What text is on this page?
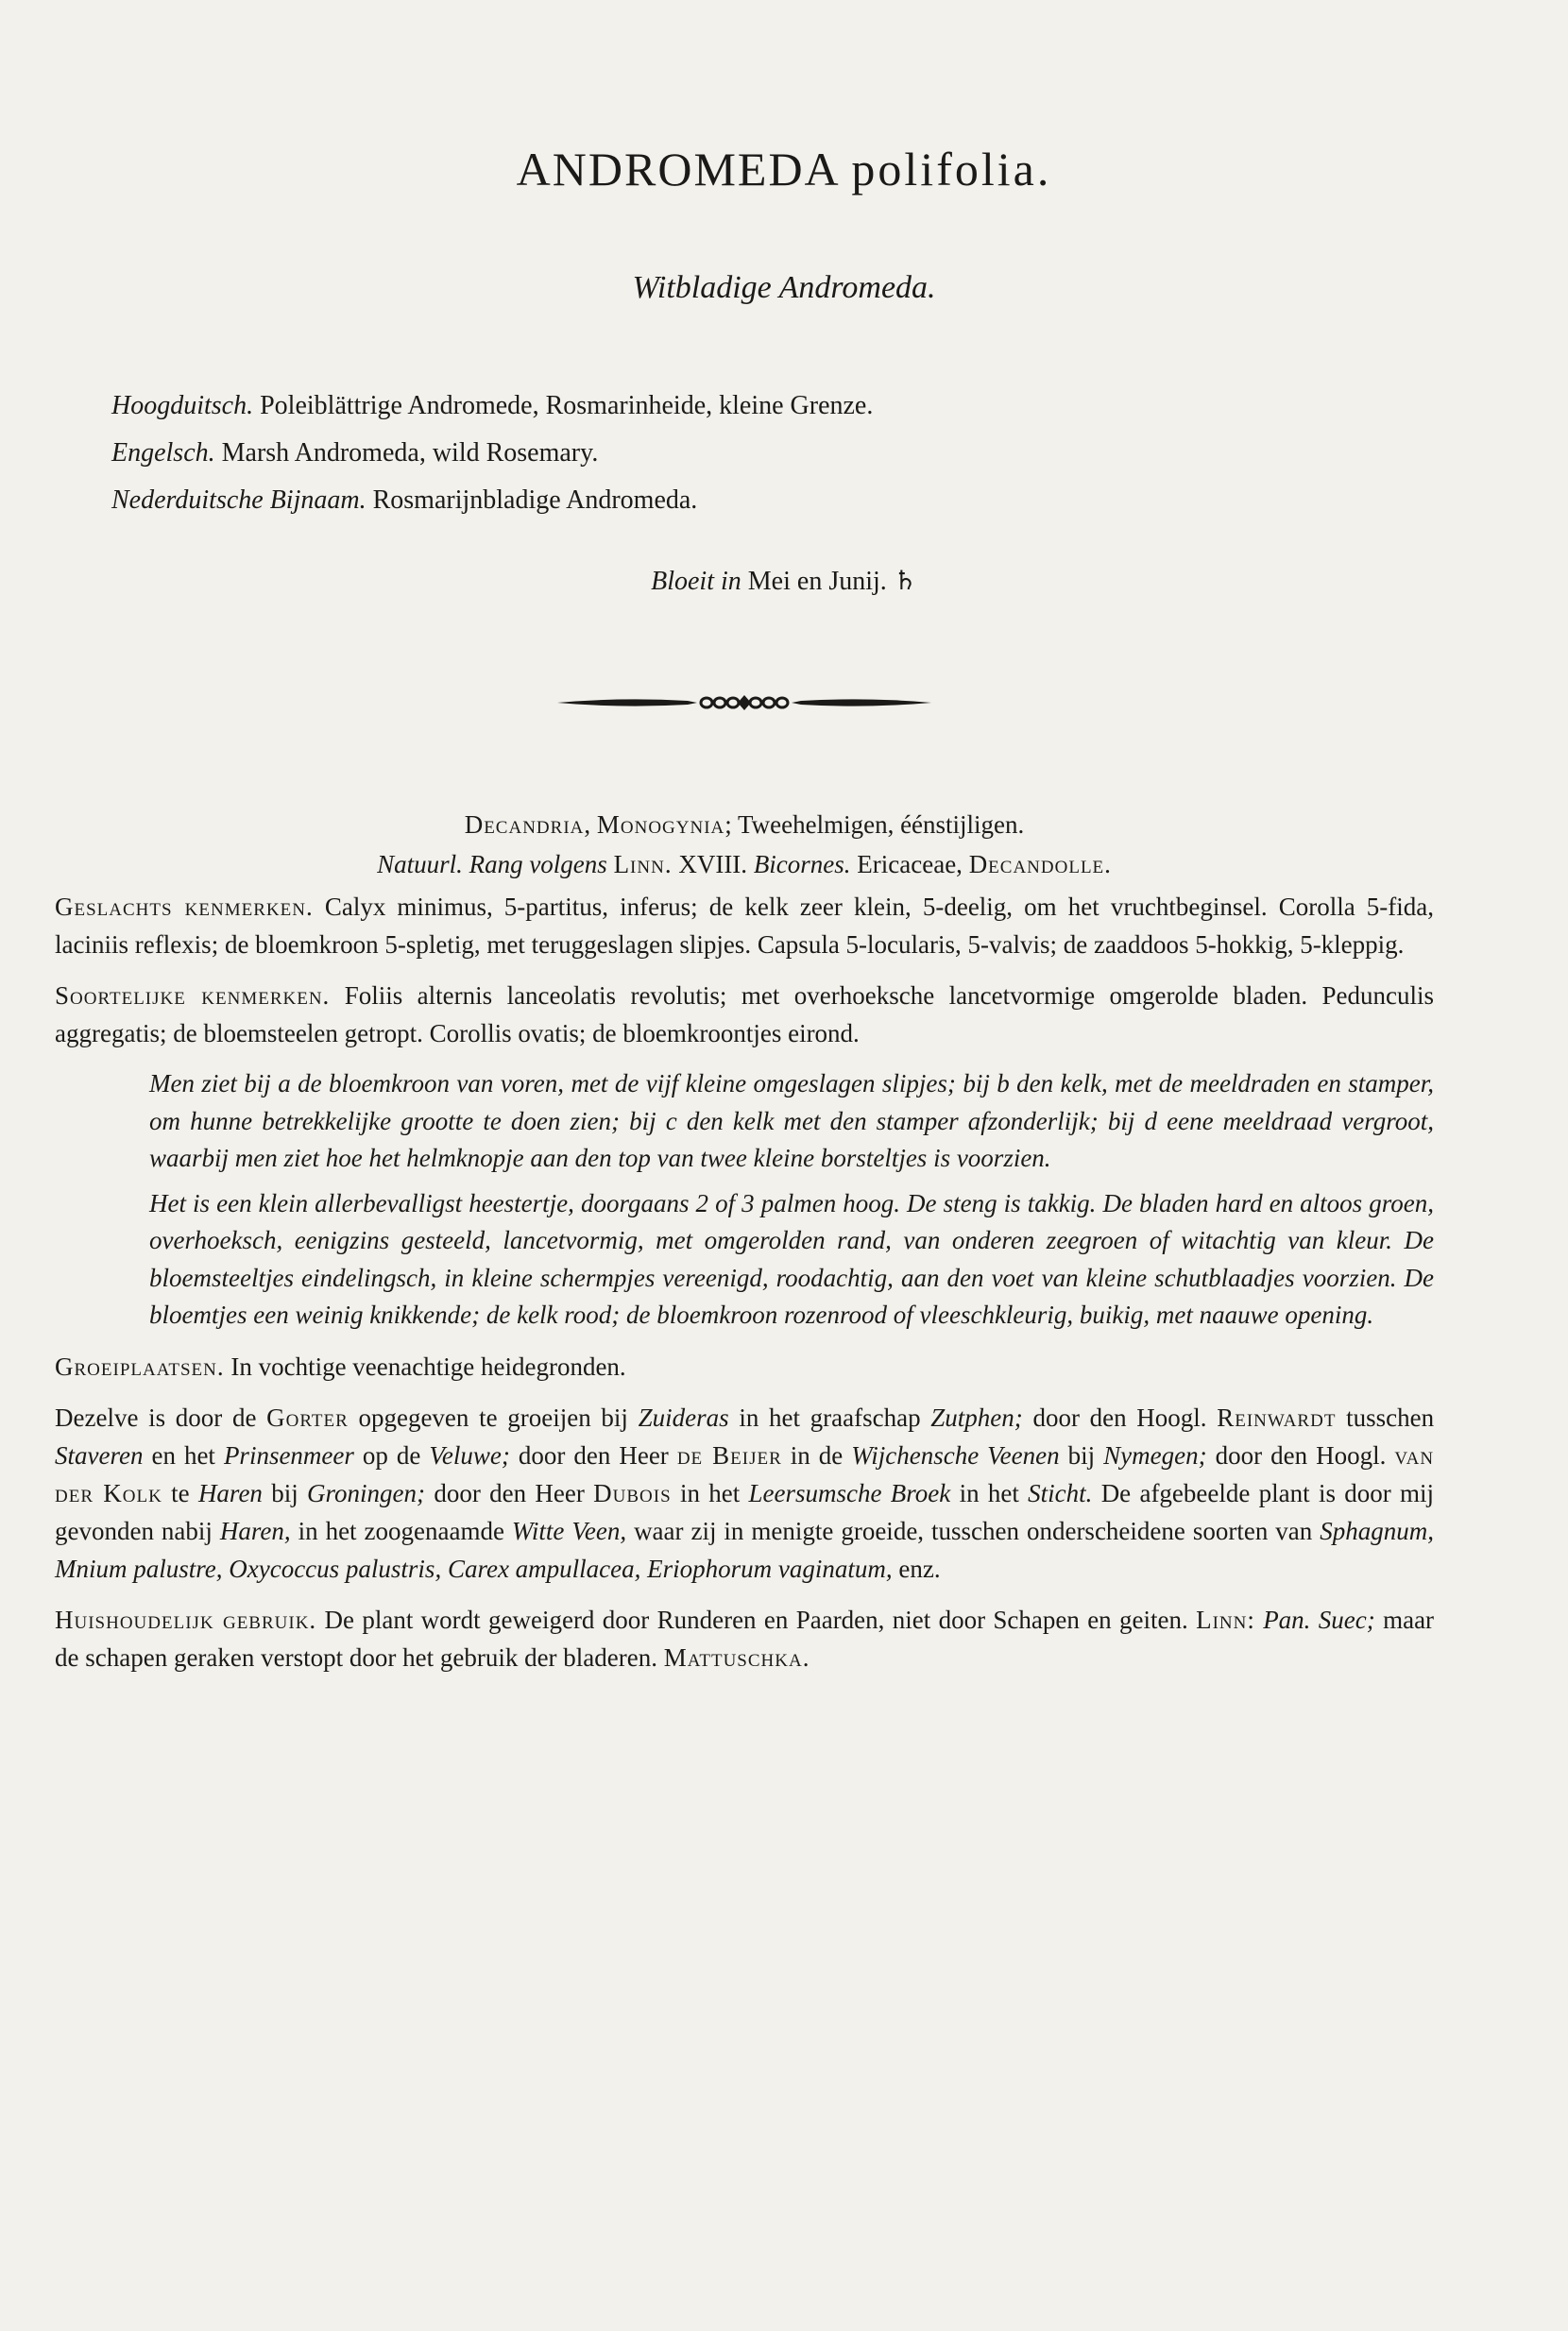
ANDROMEDA polifolia.
Witbladige Andromeda.
Hoogduitsch. Poleiblättrige Andromede, Rosmarinheide, kleine Grenze.
Engelsch. Marsh Andromeda, wild Rosemary.
Nederduitsche Bijnaam. Rosmarijnbladige Andromeda.
Bloeit in Mei en Junij. ♄
Decandria, Monogynia; Tweehelmigen, éénstijligen.
Natuurl. Rang volgens Linn. XVIII. Bicornes. Ericaceae, Decandolle.
Geslachts kenmerken. Calyx minimus, 5-partitus, inferus; de kelk zeer klein, 5-deelig, om het vruchtbeginsel. Corolla 5-fida, laciniis reflexis; de bloemkroon 5-spletig, met teruggeslagen slipjes. Capsula 5-locularis, 5-valvis; de zaaddoos 5-hokkig, 5-kleppig.
Soortelijke kenmerken. Foliis alternis lanceolatis revolutis; met overhoeksche lancetvormige omgerolde bladen. Pedunculis aggregatis; de bloemsteelen getropt. Corollis ovatis; de bloemkroontjes eirond.
Men ziet bij a de bloemkroon van voren, met de vijf kleine omgeslagen slipjes; bij b den kelk, met de meeldraden en stamper, om hunne betrekkelijke grootte te doen zien; bij c den kelk met den stamper afzonderlijk; bij d eene meeldraad vergroot, waarbij men ziet hoe het helmknopje aan den top van twee kleine borsteltjes is voorzien.
Het is een klein allerbevalligst heestertje, doorgaans 2 of 3 palmen hoog. De steng is takkig. De bladen hard en altoos groen, overhoeksch, eenigzins gesteeld, lancetvormig, met omgerolden rand, van onderen zeegroen of witachtig van kleur. De bloemsteeltjes eindelingsch, in kleine schermpjes vereenigd, roodachtig, aan den voet van kleine schutblaadjes voorzien. De bloemtjes een weinig knikkende; de kelk rood; de bloemkroon rozenrood of vleeschkleurig, buikig, met naauwe opening.
Groeiplaatsen. In vochtige veenachtige heidegronden.
Dezelve is door de Gorter opgegeven te groeijen bij Zuideras in het graafschap Zutphen; door den Hoogl. Reinwardt tusschen Staveren en het Prinsenmeer op de Veluwe; door den Heer de Beijer in de Wijchensche Veenen bij Nymegen; door den Hoogl. van der Kolk te Haren bij Groningen; door den Heer Dubois in het Leersumsche Broek in het Sticht. De afgebeelde plant is door mij gevonden nabij Haren, in het zoogenaamde Witte Veen, waar zij in menigte groeide, tusschen onderscheidene soorten van Sphagnum, Mnium palustre, Oxycoccus palustris, Carex ampullacea, Eriophorum vaginatum, enz.
Huishoudelijk gebruik. De plant wordt geweigerd door Runderen en Paarden, niet door Schapen en geiten. Linn: Pan. Suec; maar de schapen geraken verstopt door het gebruik der bladeren. Mattuschka.
